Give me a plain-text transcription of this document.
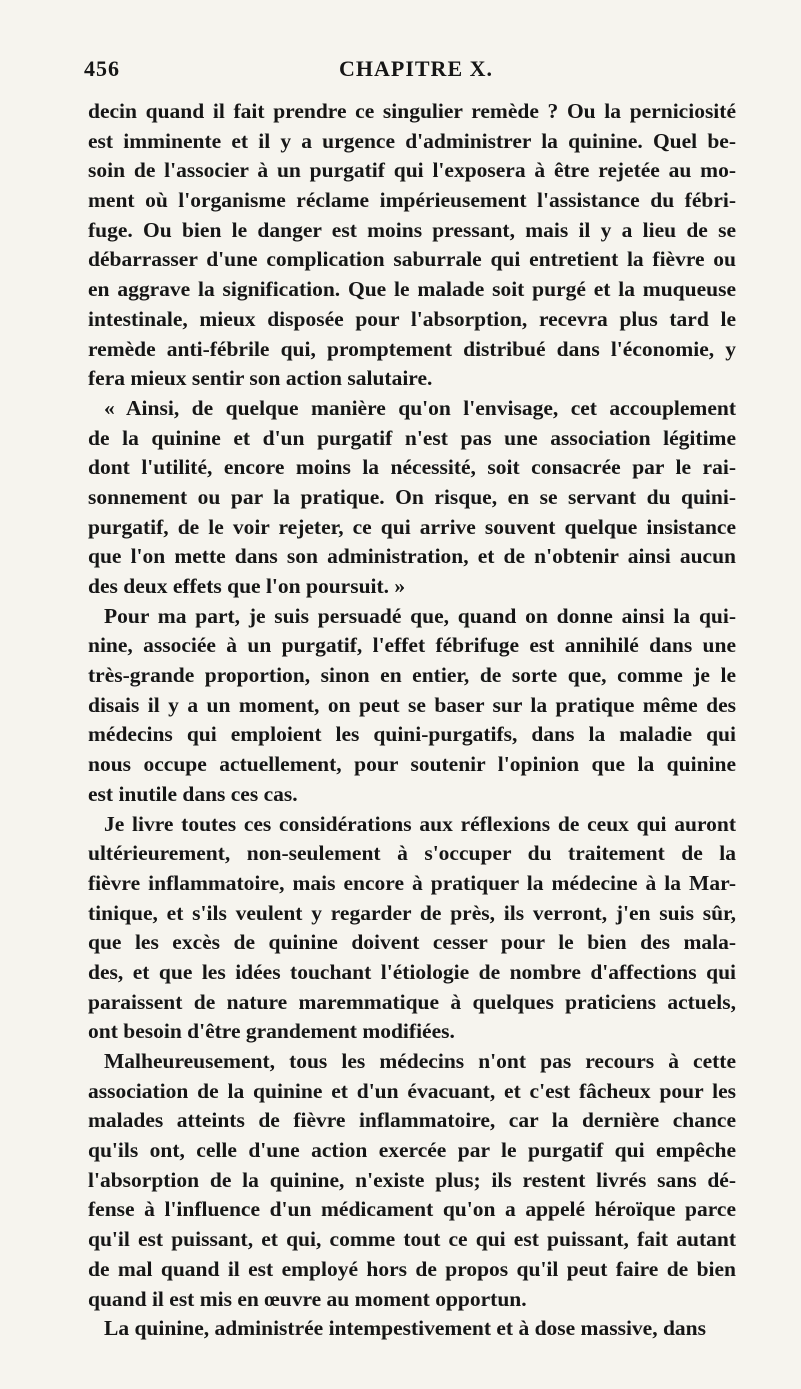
456	CHAPITRE X.
decin quand il fait prendre ce singulier remède ? Ou la perniciosité
est imminente et il y a urgence d'administrer la quinine. Quel be-
soin de l'associer à un purgatif qui l'exposera à être rejetée au mo-
ment où l'organisme réclame impérieusement l'assistance du fébri-
fuge. Ou bien le danger est moins pressant, mais il y a lieu de se
débarrasser d'une complication saburrale qui entretient la fièvre ou
en aggrave la signification. Que le malade soit purgé et la muqueuse
intestinale, mieux disposée pour l'absorption, recevra plus tard le
remède anti-fébrile qui, promptement distribué dans l'économie, y
fera mieux sentir son action salutaire.
« Ainsi, de quelque manière qu'on l'envisage, cet accouplement
de la quinine et d'un purgatif n'est pas une association légitime
dont l'utilité, encore moins la nécessité, soit consacrée par le rai-
sonnement ou par la pratique. On risque, en se servant du quini-
purgatif, de le voir rejeter, ce qui arrive souvent quelque insistance
que l'on mette dans son administration, et de n'obtenir ainsi aucun
des deux effets que l'on poursuit. »
Pour ma part, je suis persuadé que, quand on donne ainsi la qui-
nine, associée à un purgatif, l'effet fébrifuge est annihilé dans une
très-grande proportion, sinon en entier, de sorte que, comme je le
disais il y a un moment, on peut se baser sur la pratique même des
médecins qui emploient les quini-purgatifs, dans la maladie qui
nous occupe actuellement, pour soutenir l'opinion que la quinine
est inutile dans ces cas.
Je livre toutes ces considérations aux réflexions de ceux qui auront
ultérieurement, non-seulement à s'occuper du traitement de la
fièvre inflammatoire, mais encore à pratiquer la médecine à la Mar-
tinique, et s'ils veulent y regarder de près, ils verront, j'en suis sûr,
que les excès de quinine doivent cesser pour le bien des mala-
des, et que les idées touchant l'étiologie de nombre d'affections qui
paraissent de nature maremmatique à quelques praticiens actuels,
ont besoin d'être grandement modifiées.
Malheureusement, tous les médecins n'ont pas recours à cette
association de la quinine et d'un évacuant, et c'est fâcheux pour les
malades atteints de fièvre inflammatoire, car la dernière chance
qu'ils ont, celle d'une action exercée par le purgatif qui empêche
l'absorption de la quinine, n'existe plus; ils restent livrés sans dé-
fense à l'influence d'un médicament qu'on a appelé héroïque parce
qu'il est puissant, et qui, comme tout ce qui est puissant, fait autant
de mal quand il est employé hors de propos qu'il peut faire de bien
quand il est mis en œuvre au moment opportun.
La quinine, administrée intempestivement et à dose massive, dans
